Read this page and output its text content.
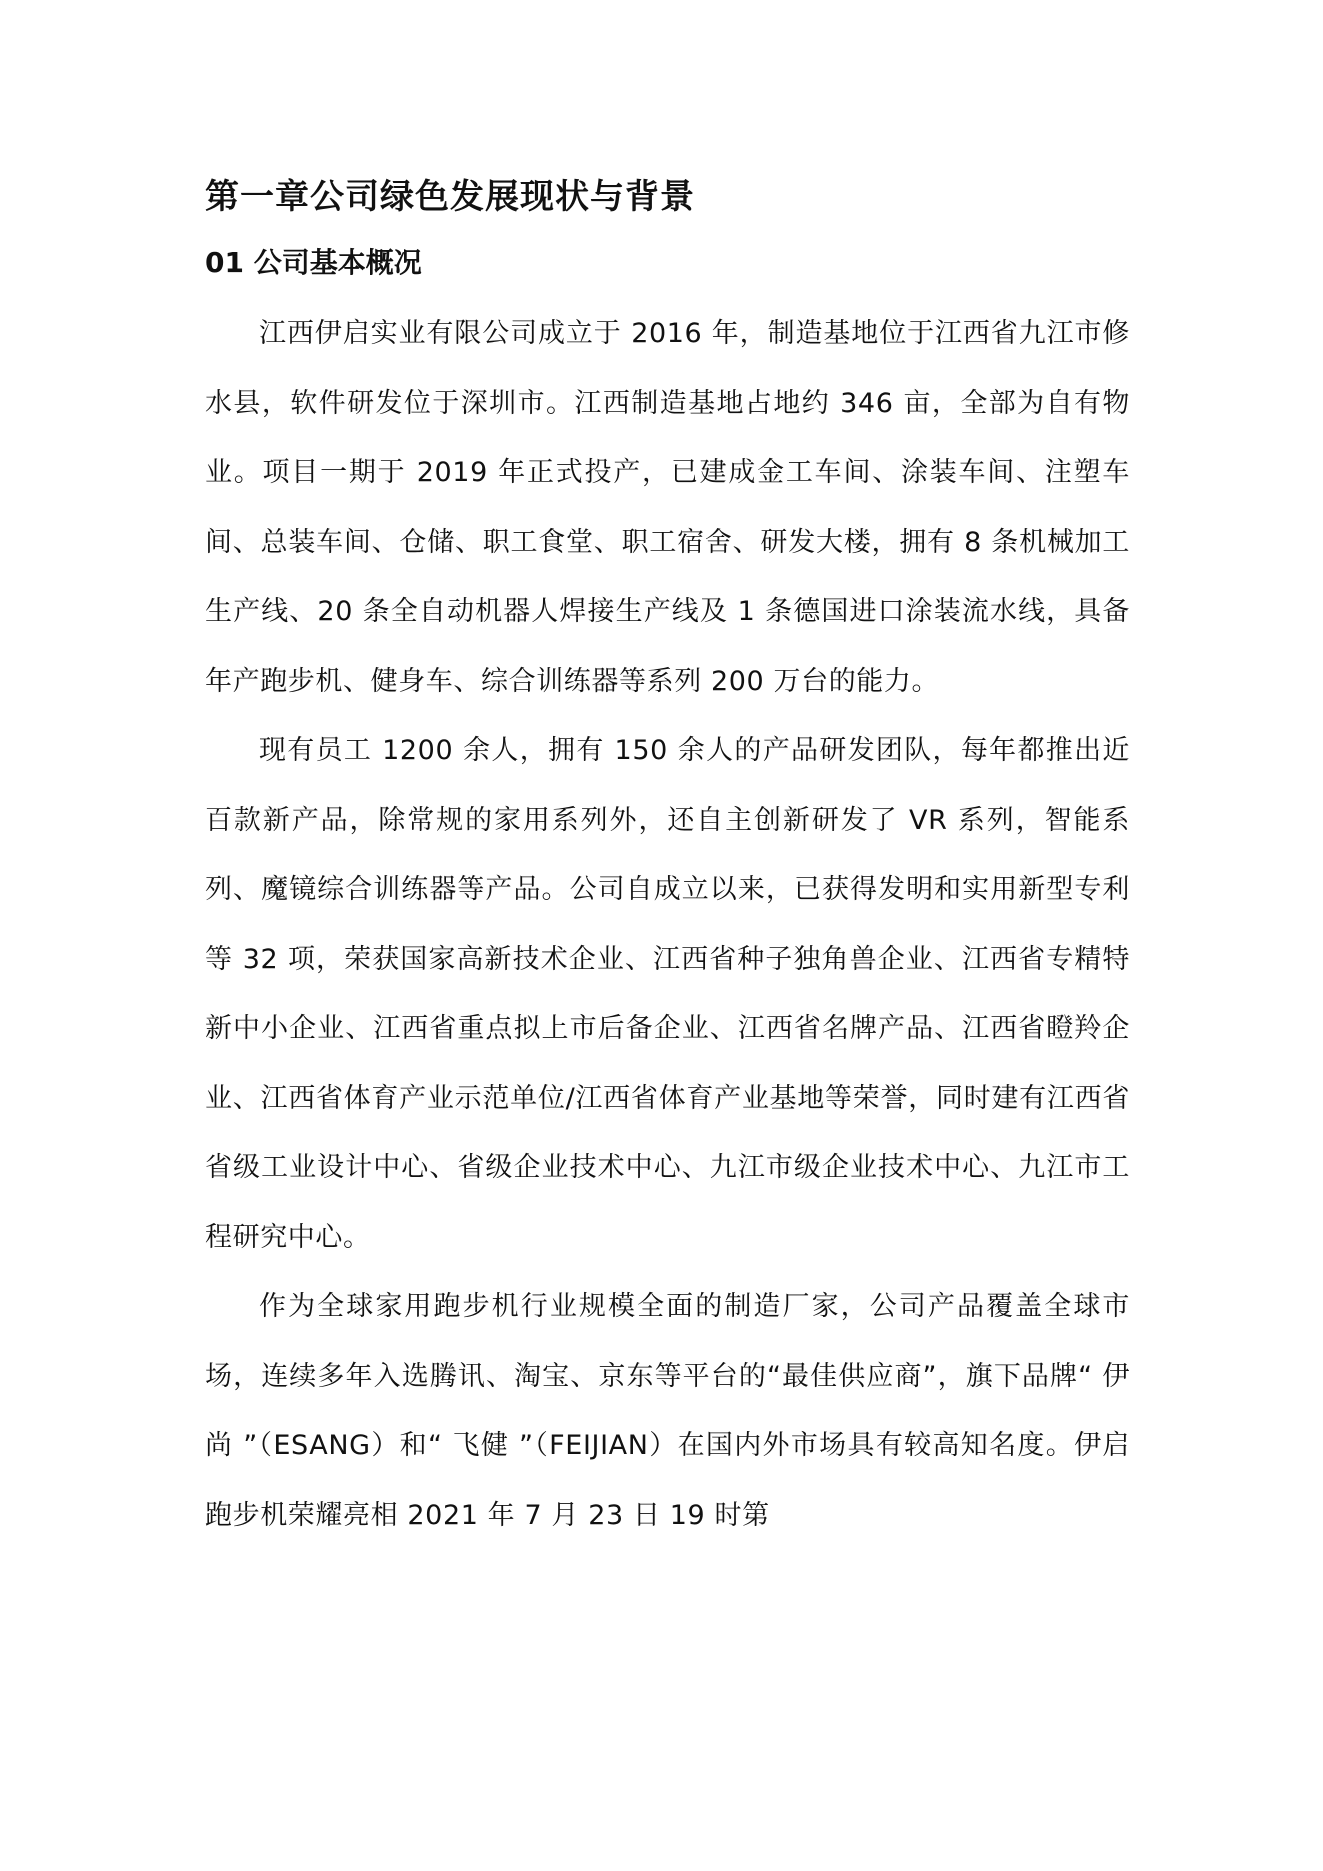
第一章公司绿色发展现状与背景
01 公司基本概况

江西伊启实业有限公司成立于 2016 年，制造基地位于江西省九江市修水县，软件研发位于深圳市。江西制造基地占地约 346 亩，全部为自有物业。项目一期于 2019 年正式投产，已建成金工车间、涂装车间、注塑车间、总装车间、仓储、职工食堂、职工宿舍、研发大楼，拥有 8 条机械加工生产线、20 条全自动机器人焊接生产线及 1 条德国进口涂装流水线，具备年产跑步机、健身车、综合训练器等系列 200 万台的能力。

现有员工 1200 余人，拥有 150 余人的产品研发团队，每年都推出近百款新产品，除常规的家用系列外，还自主创新研发了 VR 系列，智能系列、魔镜综合训练器等产品。公司自成立以来，已获得发明和实用新型专利等 32 项，荣获国家高新技术企业、江西省种子独角兽企业、江西省专精特新中小企业、江西省重点拟上市后备企业、江西省名牌产品、江西省瞪羚企业、江西省体育产业示范单位/江西省体育产业基地等荣誉，同时建有江西省省级工业设计中心、省级企业技术中心、九江市级企业技术中心、九江市工程研究中心。

作为全球家用跑步机行业规模全面的制造厂家，公司产品覆盖全球市场，连续多年入选腾讯、淘宝、京东等平台的“最佳供应商”，旗下品牌“ 伊尚 ”（ESANG）和“ 飞健 ”（FEIJIAN）在国内外市场具有较高知名度。伊启跑步机荣耀亮相 2021 年 7 月 23 日 19 时第
